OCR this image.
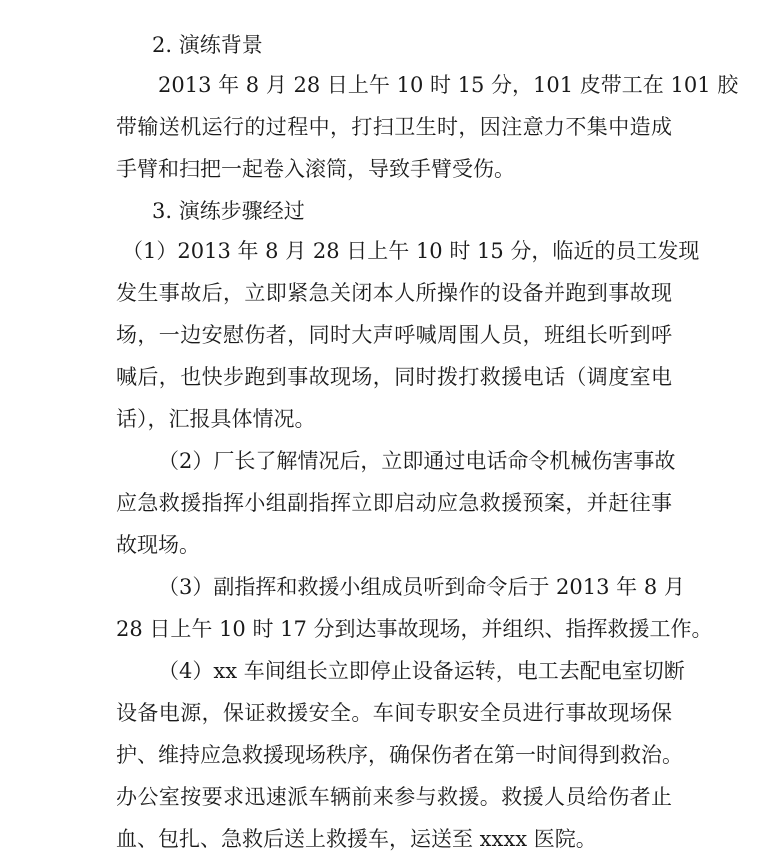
2. 演练背景

2013 年 8 月 28 日上午 10 时 15 分，101 皮带工在 101 胶

带输送机运行的过程中，打扫卫生时，因注意力不集中造成

手臂和扫把一起卷入滚筒，导致手臂受伤。

3. 演练步骤经过

（1）2013 年 8 月 28 日上午 10 时 15 分，临近的员工发现

发生事故后，立即紧急关闭本人所操作的设备并跑到事故现

场，一边安慰伤者，同时大声呼喊周围人员，班组长听到呼

喊后，也快步跑到事故现场，同时拨打救援电话（调度室电

话），汇报具体情况。

（2）厂长了解情况后，立即通过电话命令机械伤害事故

应急救援指挥小组副指挥立即启动应急救援预案，并赶往事

故现场。

（3）副指挥和救援小组成员听到命令后于 2013 年 8 月

28 日上午 10 时 17 分到达事故现场，并组织、指挥救援工作。

（4）xx 车间组长立即停止设备运转，电工去配电室切断

设备电源，保证救援安全。车间专职安全员进行事故现场保

护、维持应急救援现场秩序，确保伤者在第一时间得到救治。

办公室按要求迅速派车辆前来参与救援。救援人员给伤者止

血、包扎、急救后送上救援车，运送至 xxxx 医院。
